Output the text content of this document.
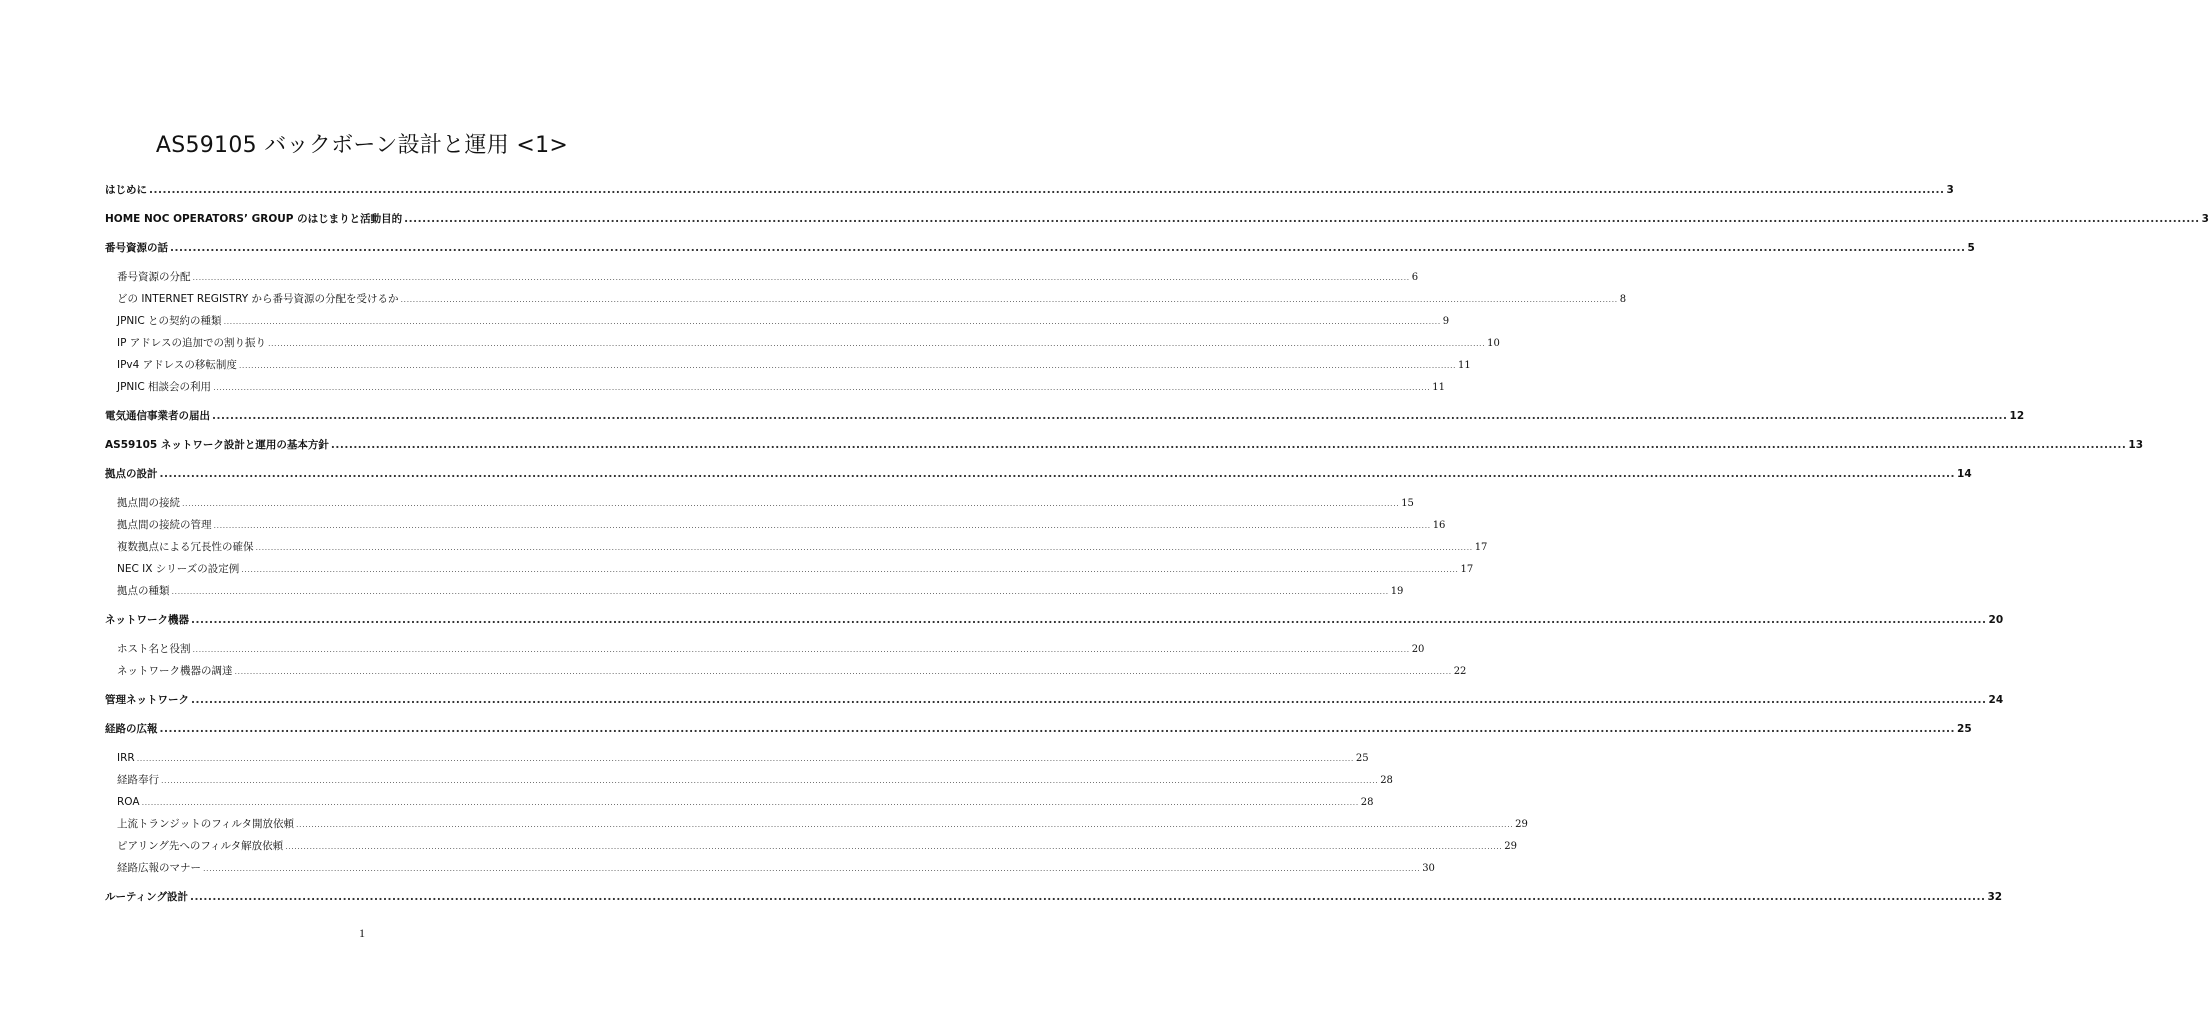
AS59105 バックボーン設計と運用 <1>
はじめに ................................................................................................................................................................................................................................................................................................................................................................................................................ 3
HOME NOC OPERATORS’ GROUP のはじまりと活動目的 ................................................................................................................................................................................................................................................................................................................................................................................................................ 3
番号資源の話 ................................................................................................................................................................................................................................................................................................................................................................................................................ 5
番号資源の分配 ................................................................................................................................................................................................................................................................................................................................................................................................................ 6
どの INTERNET REGISTRY から番号資源の分配を受けるか ................................................................................................................................................................................................................................................................................................................................................................................................................ 8
JPNIC との契約の種類 ................................................................................................................................................................................................................................................................................................................................................................................................................ 9
IP アドレスの追加での割り振り ................................................................................................................................................................................................................................................................................................................................................................................................................ 10
IPv4 アドレスの移転制度 ................................................................................................................................................................................................................................................................................................................................................................................................................ 11
JPNIC 相談会の利用 ................................................................................................................................................................................................................................................................................................................................................................................................................ 11
電気通信事業者の届出 ................................................................................................................................................................................................................................................................................................................................................................................................................ 12
AS59105 ネットワーク設計と運用の基本方針 ................................................................................................................................................................................................................................................................................................................................................................................................................ 13
拠点の設計 ................................................................................................................................................................................................................................................................................................................................................................................................................ 14
拠点間の接続 ................................................................................................................................................................................................................................................................................................................................................................................................................ 15
拠点間の接続の管理 ................................................................................................................................................................................................................................................................................................................................................................................................................ 16
複数拠点による冗長性の確保 ................................................................................................................................................................................................................................................................................................................................................................................................................ 17
NEC IX シリーズの設定例 ................................................................................................................................................................................................................................................................................................................................................................................................................ 17
拠点の種類 ................................................................................................................................................................................................................................................................................................................................................................................................................ 19
ネットワーク機器 ................................................................................................................................................................................................................................................................................................................................................................................................................ 20
ホスト名と役割 ................................................................................................................................................................................................................................................................................................................................................................................................................ 20
ネットワーク機器の調達 ................................................................................................................................................................................................................................................................................................................................................................................................................ 22
管理ネットワーク ................................................................................................................................................................................................................................................................................................................................................................................................................ 24
経路の広報 ................................................................................................................................................................................................................................................................................................................................................................................................................ 25
IRR ................................................................................................................................................................................................................................................................................................................................................................................................................ 25
経路奉行 ................................................................................................................................................................................................................................................................................................................................................................................................................ 28
ROA ................................................................................................................................................................................................................................................................................................................................................................................................................ 28
上流トランジットのフィルタ開放依頼 ................................................................................................................................................................................................................................................................................................................................................................................................................ 29
ピアリング先へのフィルタ解放依頼 ................................................................................................................................................................................................................................................................................................................................................................................................................ 29
経路広報のマナー ................................................................................................................................................................................................................................................................................................................................................................................................................ 30
ルーティング設計 ................................................................................................................................................................................................................................................................................................................................................................................................................ 32
1
